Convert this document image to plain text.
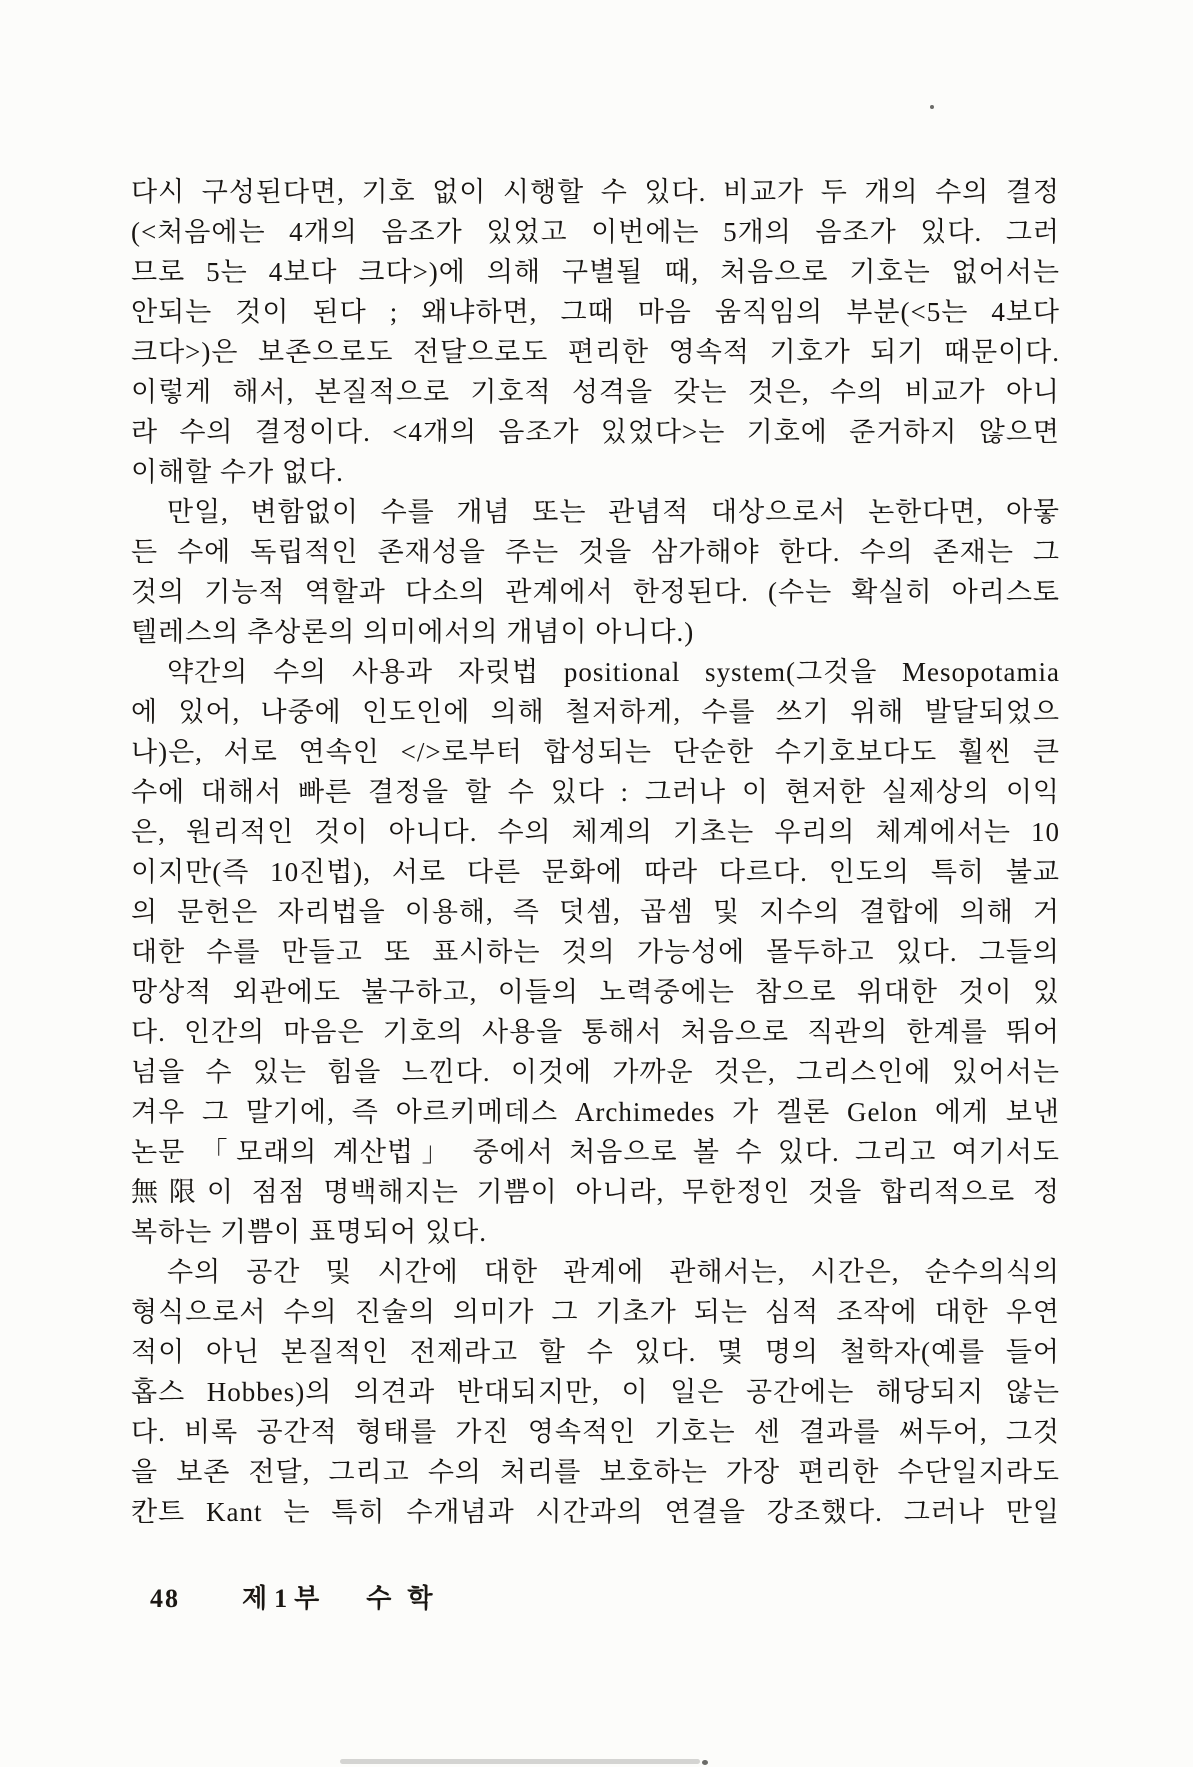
다시 구성된다면, 기호 없이 시행할 수 있다. 비교가 두 개의 수의 결정
(<처음에는 4개의 음조가 있었고 이번에는 5개의 음조가 있다. 그러
므로 5는 4보다 크다>)에 의해 구별될 때, 처음으로 기호는 없어서는
안되는 것이 된다 ; 왜냐하면, 그때 마음 움직임의 부분(<5는 4보다
크다>)은 보존으로도 전달으로도 편리한 영속적 기호가 되기 때문이다.
이렇게 해서, 본질적으로 기호적 성격을 갖는 것은, 수의 비교가 아니
라 수의 결정이다. <4개의 음조가 있었다>는 기호에 준거하지 않으면
이해할 수가 없다.
만일, 변함없이 수를 개념 또는 관념적 대상으로서 논한다면, 아뭏
든 수에 독립적인 존재성을 주는 것을 삼가해야 한다. 수의 존재는 그
것의 기능적 역할과 다소의 관계에서 한정된다. (수는 확실히 아리스토
텔레스의 추상론의 의미에서의 개념이 아니다.)
약간의 수의 사용과 자릿법 positional system(그것을 Mesopotamia
에 있어, 나중에 인도인에 의해 철저하게, 수를 쓰기 위해 발달되었으
나)은, 서로 연속인 </>로부터 합성되는 단순한 수기호보다도 훨씬 큰
수에 대해서 빠른 결정을 할 수 있다 : 그러나 이 현저한 실제상의 이익
은, 원리적인 것이 아니다. 수의 체계의 기초는 우리의 체계에서는 10
이지만(즉 10진법), 서로 다른 문화에 따라 다르다. 인도의 특히 불교
의 문헌은 자리법을 이용해, 즉 덧셈, 곱셈 및 지수의 결합에 의해 거
대한 수를 만들고 또 표시하는 것의 가능성에 몰두하고 있다. 그들의
망상적 외관에도 불구하고, 이들의 노력중에는 참으로 위대한 것이 있
다. 인간의 마음은 기호의 사용을 통해서 처음으로 직관의 한계를 뛰어
넘을 수 있는 힘을 느낀다. 이것에 가까운 것은, 그리스인에 있어서는
겨우 그 말기에, 즉 아르키메데스 Archimedes 가 겔론 Gelon 에게 보낸
논문 「모래의 계산법」 중에서 처음으로 볼 수 있다. 그리고 여기서도
無限이 점점 명백해지는 기쁨이 아니라, 무한정인 것을 합리적으로 정
복하는 기쁨이 표명되어 있다.
수의 공간 및 시간에 대한 관계에 관해서는, 시간은, 순수의식의
형식으로서 수의 진술의 의미가 그 기초가 되는 심적 조작에 대한 우연
적이 아닌 본질적인 전제라고 할 수 있다. 몇 명의 철학자(예를 들어
홉스 Hobbes)의 의견과 반대되지만, 이 일은 공간에는 해당되지 않는
다. 비록 공간적 형태를 가진 영속적인 기호는 센 결과를 써두어, 그것
을 보존 전달, 그리고 수의 처리를 보호하는 가장 편리한 수단일지라도
칸트 Kant 는 특히 수개념과 시간과의 연결을 강조했다. 그러나 만일
48 제1부 수학
